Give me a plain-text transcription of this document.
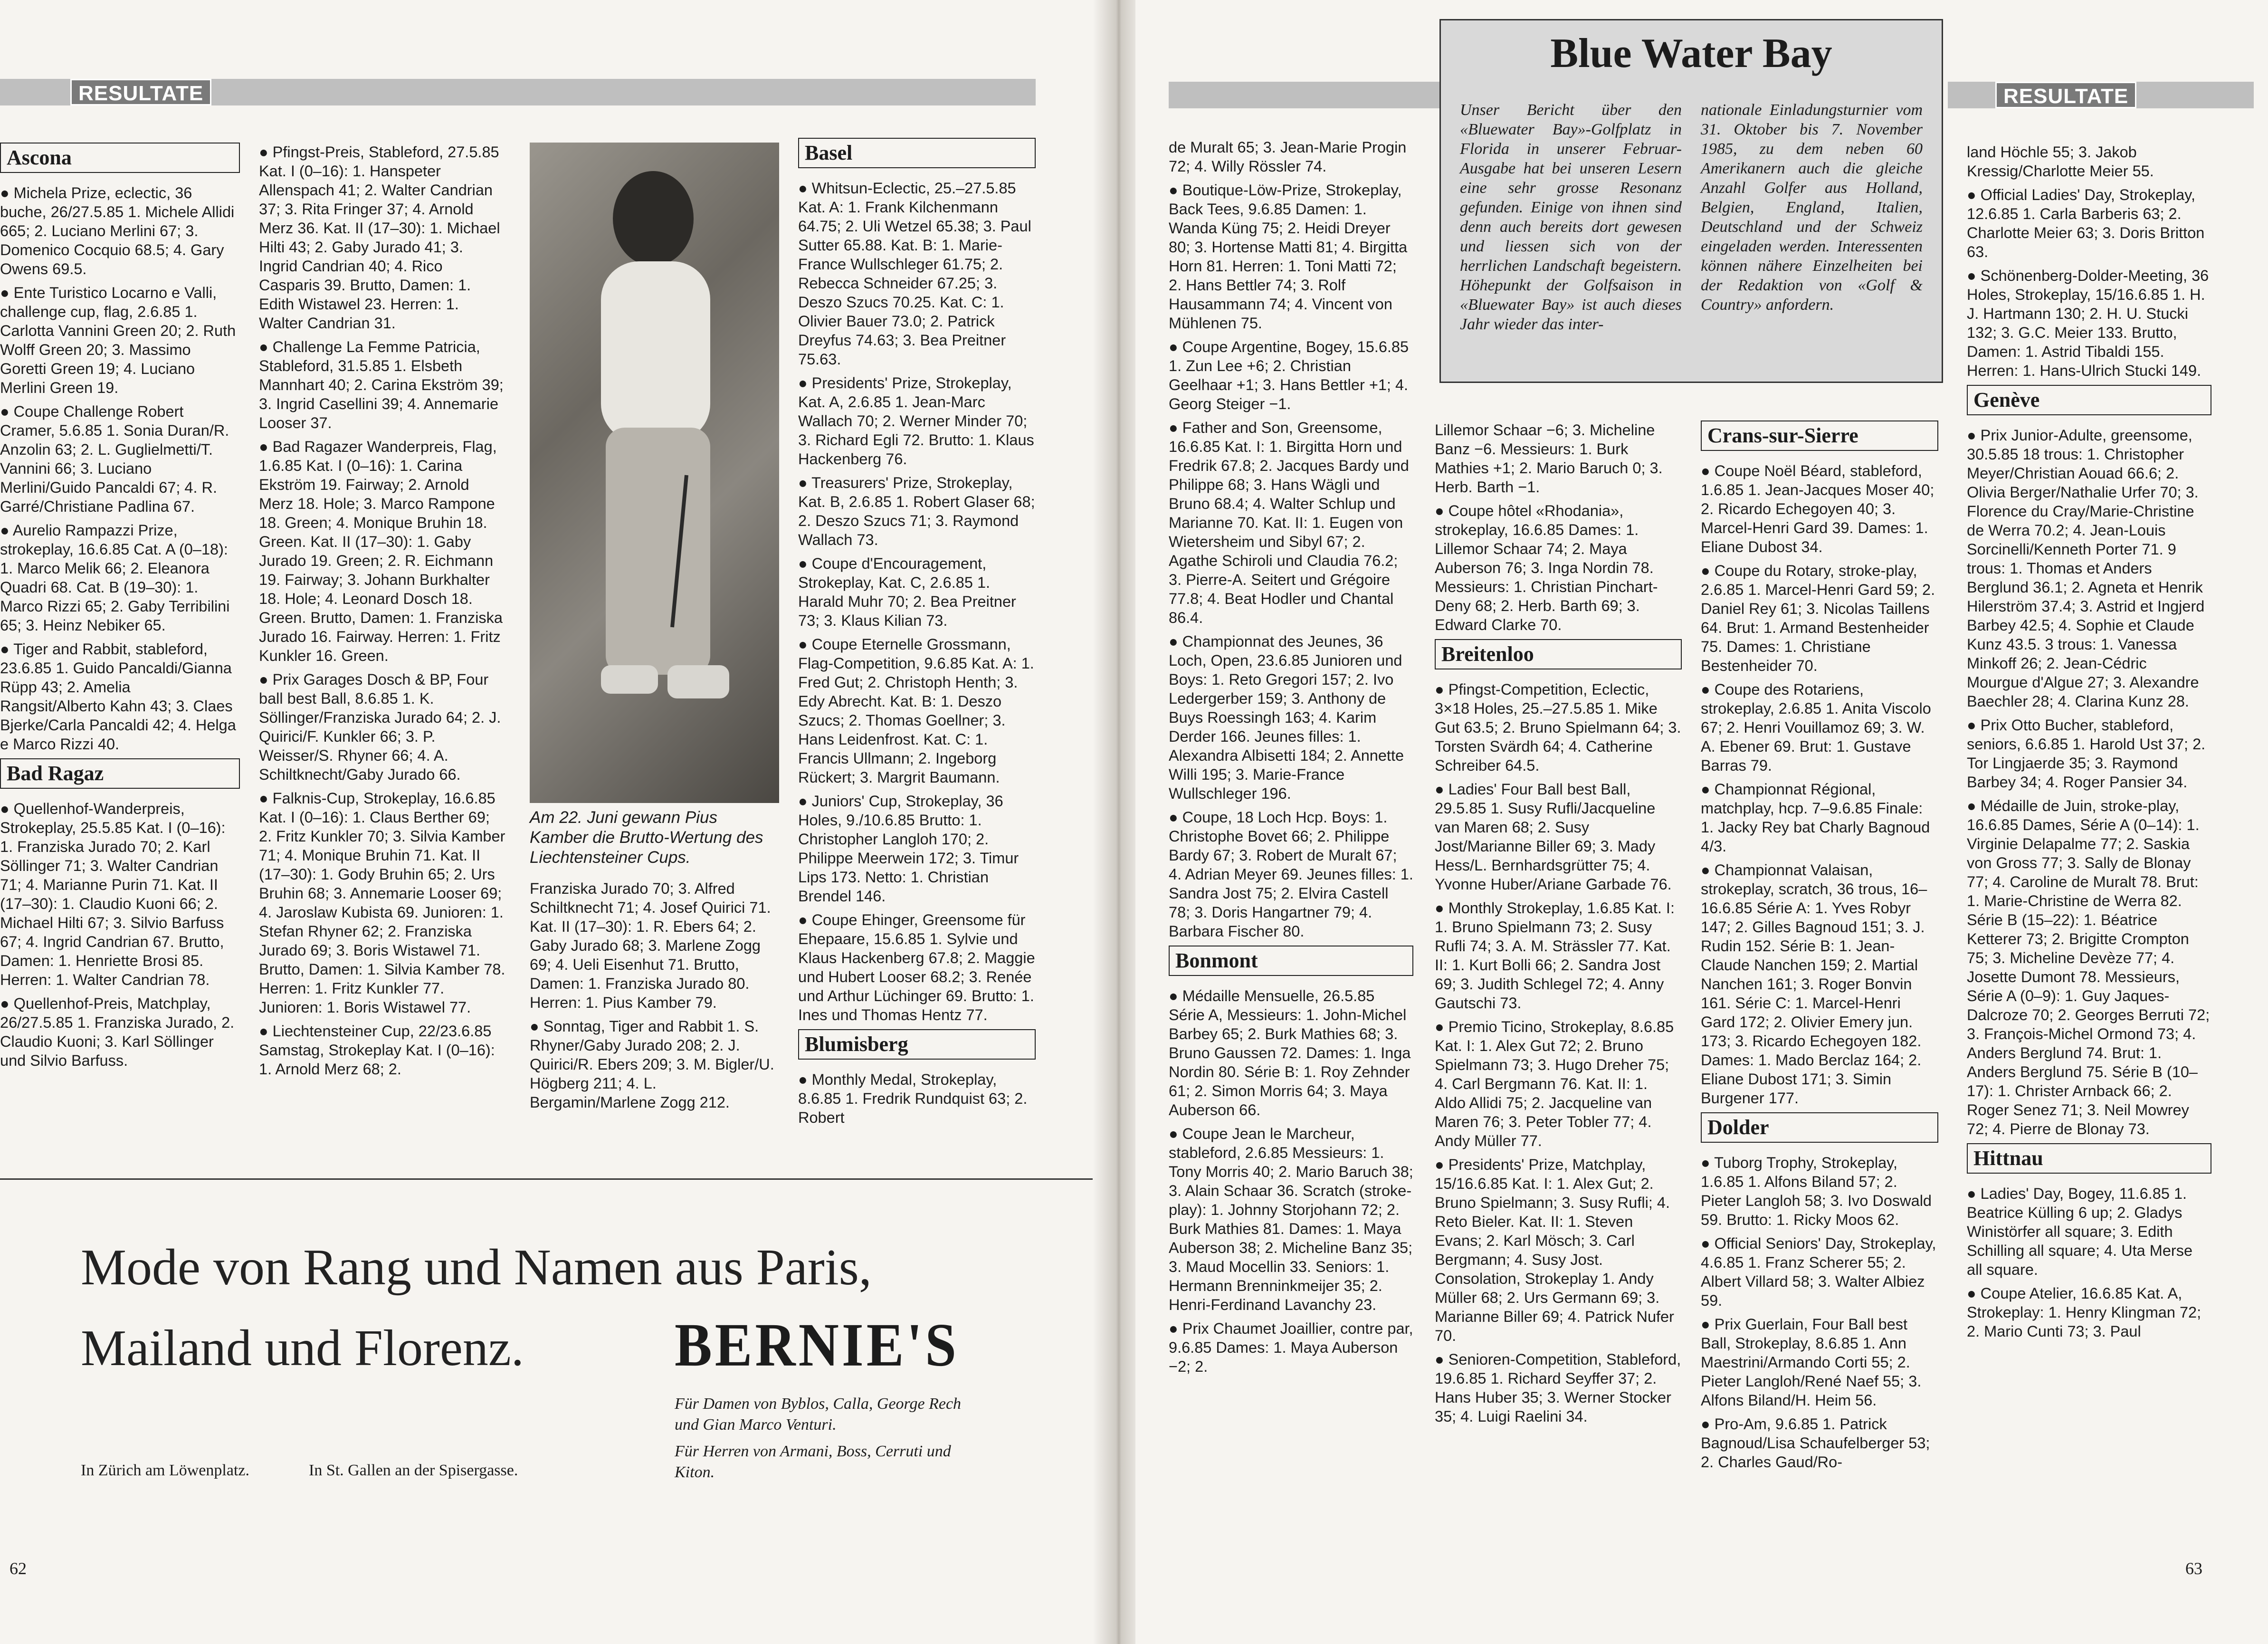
RESULTATE
Ascona

● Michela Prize, eclectic, 36 buche, 26/27.5.85 1. Michele Allidi 665; 2. Luciano Merlini 67; 3. Domenico Cocquio 68.5; 4. Gary Owens 69.5.

● Ente Turistico Locarno e Valli, challenge cup, flag, 2.6.85 1. Carlotta Vannini Green 20; 2. Ruth Wolff Green 20; 3. Massimo Goretti Green 19; 4. Luciano Merlini Green 19.

● Coupe Challenge Robert Cramer, 5.6.85 1. Sonia Duran/R. Anzolin 63; 2. L. Guglielmetti/T. Vannini 66; 3. Luciano Merlini/Guido Pancaldi 67; 4. R. Garré/Christiane Padlina 67.

● Aurelio Rampazzi Prize, strokeplay, 16.6.85 Cat. A (0–18): 1. Marco Melik 66; 2. Eleanora Quadri 68. Cat. B (19–30): 1. Marco Rizzi 65; 2. Gaby Terribilini 65; 3. Heinz Nebiker 65.

● Tiger and Rabbit, stableford, 23.6.85 1. Guido Pancaldi/Gianna Rüpp 43; 2. Amelia Rangsit/Alberto Kahn 43; 3. Claes Bjerke/Carla Pancaldi 42; 4. Helga e Marco Rizzi 40.

Bad Ragaz

● Quellenhof-Wanderpreis, Strokeplay, 25.5.85 Kat. I (0–16): 1. Franziska Jurado 70; 2. Karl Söllinger 71; 3. Walter Candrian 71; 4. Marianne Purin 71. Kat. II (17–30): 1. Claudio Kuoni 66; 2. Michael Hilti 67; 3. Silvio Barfuss 67; 4. Ingrid Candrian 67. Brutto, Damen: 1. Henriette Brosi 85. Herren: 1. Walter Candrian 78.

● Quellenhof-Preis, Matchplay, 26/27.5.85 1. Franziska Jurado, 2. Claudio Kuoni; 3. Karl Söllinger und Silvio Barfuss.

● Pfingst-Preis, Stableford, 27.5.85 Kat. I (0–16): 1. Hanspeter Allenspach 41; 2. Walter Candrian 37; 3. Rita Fringer 37; 4. Arnold Merz 36. Kat. II (17–30): 1. Michael Hilti 43; 2. Gaby Jurado 41; 3. Ingrid Candrian 40; 4. Rico Casparis 39. Brutto, Damen: 1. Edith Wistawel 23. Herren: 1. Walter Candrian 31.

● Challenge La Femme Patricia, Stableford, 31.5.85 1. Elsbeth Mannhart 40; 2. Carina Ekström 39; 3. Ingrid Casellini 39; 4. Annemarie Looser 37.

● Bad Ragazer Wanderpreis, Flag, 1.6.85 Kat. I (0–16): 1. Carina Ekström 19. Fairway; 2. Arnold Merz 18. Hole; 3. Marco Rampone 18. Green; 4. Monique Bruhin 18. Green. Kat. II (17–30): 1. Gaby Jurado 19. Green; 2. R. Eichmann 19. Fairway; 3. Johann Burkhalter 18. Hole; 4. Leonard Dosch 18. Green. Brutto, Damen: 1. Franziska Jurado 16. Fairway. Herren: 1. Fritz Kunkler 16. Green.

● Prix Garages Dosch & BP, Four ball best Ball, 8.6.85 1. K. Söllinger/Franziska Jurado 64; 2. J. Quirici/F. Kunkler 66; 3. P. Weisser/S. Rhyner 66; 4. A. Schiltknecht/Gaby Jurado 66.

● Falknis-Cup, Strokeplay, 16.6.85 Kat. I (0–16): 1. Claus Berther 69; 2. Fritz Kunkler 70; 3. Silvia Kamber 71; 4. Monique Bruhin 71. Kat. II (17–30): 1. Gody Bruhin 65; 2. Urs Bruhin 68; 3. Annemarie Looser 69; 4. Jaroslaw Kubista 69. Junioren: 1. Stefan Rhyner 62; 2. Franziska Jurado 69; 3. Boris Wistawel 71. Brutto, Damen: 1. Silvia Kamber 78. Herren: 1. Fritz Kunkler 77. Junioren: 1. Boris Wistawel 77.

● Liechtensteiner Cup, 22/23.6.85 Samstag, Strokeplay Kat. I (0–16): 1. Arnold Merz 68; 2.

Am 22. Juni gewann Pius Kamber die Brutto-Wertung des Liechtensteiner Cups.

Franziska Jurado 70; 3. Alfred Schiltknecht 71; 4. Josef Quirici 71. Kat. II (17–30): 1. R. Ebers 64; 2. Gaby Jurado 68; 3. Marlene Zogg 69; 4. Ueli Eisenhut 71. Brutto, Damen: 1. Franziska Jurado 80. Herren: 1. Pius Kamber 79.

● Sonntag, Tiger and Rabbit 1. S. Rhyner/Gaby Jurado 208; 2. J. Quirici/R. Ebers 209; 3. M. Bigler/U. Högberg 211; 4. L. Bergamin/Marlene Zogg 212.

Basel

● Whitsun-Eclectic, 25.–27.5.85 Kat. A: 1. Frank Kilchenmann 64.75; 2. Uli Wetzel 65.38; 3. Paul Sutter 65.88. Kat. B: 1. Marie-France Wullschleger 61.75; 2. Rebecca Schneider 67.25; 3. Deszo Szucs 70.25. Kat. C: 1. Olivier Bauer 73.0; 2. Patrick Dreyfus 74.63; 3. Bea Preitner 75.63.

● Presidents' Prize, Strokeplay, Kat. A, 2.6.85 1. Jean-Marc Wallach 70; 2. Werner Minder 70; 3. Richard Egli 72. Brutto: 1. Klaus Hackenberg 76.

● Treasurers' Prize, Strokeplay, Kat. B, 2.6.85 1. Robert Glaser 68; 2. Deszo Szucs 71; 3. Raymond Wallach 73.

● Coupe d'Encouragement, Strokeplay, Kat. C, 2.6.85 1. Harald Muhr 70; 2. Bea Preitner 73; 3. Klaus Kilian 73.

● Coupe Eternelle Grossmann, Flag-Competition, 9.6.85 Kat. A: 1. Fred Gut; 2. Christoph Henth; 3. Edy Abrecht. Kat. B: 1. Deszo Szucs; 2. Thomas Goellner; 3. Hans Leidenfrost. Kat. C: 1. Francis Ullmann; 2. Ingeborg Rückert; 3. Margrit Baumann.

● Juniors' Cup, Strokeplay, 36 Holes, 9./10.6.85 Brutto: 1. Christopher Langloh 170; 2. Philippe Meerwein 172; 3. Timur Lips 173. Netto: 1. Christian Brendel 146.

● Coupe Ehinger, Greensome für Ehepaare, 15.6.85 1. Sylvie und Klaus Hackenberg 67.8; 2. Maggie und Hubert Looser 68.2; 3. Renée und Arthur Lüchinger 69. Brutto: 1. Ines und Thomas Hentz 77.

Blumisberg

● Monthly Medal, Strokeplay, 8.6.85 1. Fredrik Rundquist 63; 2. Robert

Mode von Rang und Namen aus Paris,
Mailand und Florenz.	BERNIE'S
Für Damen von Byblos, Calla, George Rech und Gian Marco Venturi.
Für Herren von Armani, Boss, Cerruti und Kiton.
In Zürich am Löwenplatz.	In St. Gallen an der Spisergasse.
62
RESULTATE
Blue Water Bay
Unser Bericht über den «Bluewater Bay»-Golfplatz in Florida in unserer Februar-Ausgabe hat bei unseren Lesern eine sehr grosse Resonanz gefunden. Einige von ihnen sind denn auch bereits dort gewesen und liessen sich von der herrlichen Landschaft begeistern. Höhepunkt der Golfsaison in «Bluewater Bay» ist auch dieses Jahr wieder das inter-
nationale Einladungsturnier vom 31. Oktober bis 7. November 1985, zu dem neben 60 Amerikanern auch die gleiche Anzahl Golfer aus Holland, Belgien, England, Italien, Deutschland und der Schweiz eingeladen werden. Interessenten können nähere Einzelheiten bei der Redaktion von «Golf & Country» anfordern.

de Muralt 65; 3. Jean-Marie Progin 72; 4. Willy Rössler 74.

● Boutique-Löw-Prize, Strokeplay, Back Tees, 9.6.85 Damen: 1. Wanda Küng 75; 2. Heidi Dreyer 80; 3. Hortense Matti 81; 4. Birgitta Horn 81. Herren: 1. Toni Matti 72; 2. Hans Bettler 74; 3. Rolf Hausammann 74; 4. Vincent von Mühlenen 75.

● Coupe Argentine, Bogey, 15.6.85 1. Zun Lee +6; 2. Christian Geelhaar +1; 3. Hans Bettler +1; 4. Georg Steiger −1.

● Father and Son, Greensome, 16.6.85 Kat. I: 1. Birgitta Horn und Fredrik 67.8; 2. Jacques Bardy und Philippe 68; 3. Hans Wägli und Bruno 68.4; 4. Walter Schlup und Marianne 70. Kat. II: 1. Eugen von Wietersheim und Sibyl 67; 2. Agathe Schiroli und Claudia 76.2; 3. Pierre-A. Seitert und Grégoire 77.8; 4. Beat Hodler und Chantal 86.4.

● Championnat des Jeunes, 36 Loch, Open, 23.6.85 Junioren und Boys: 1. Reto Gregori 157; 2. Ivo Ledergerber 159; 3. Anthony de Buys Roessingh 163; 4. Karim Derder 166. Jeunes filles: 1. Alexandra Albisetti 184; 2. Annette Willi 195; 3. Marie-France Wullschleger 196.

● Coupe, 18 Loch Hcp. Boys: 1. Christophe Bovet 66; 2. Philippe Bardy 67; 3. Robert de Muralt 67; 4. Adrian Meyer 69. Jeunes filles: 1. Sandra Jost 75; 2. Elvira Castell 78; 3. Doris Hangartner 79; 4. Barbara Fischer 80.

Bonmont

● Médaille Mensuelle, 26.5.85 Série A, Messieurs: 1. John-Michel Barbey 65; 2. Burk Mathies 68; 3. Bruno Gaussen 72. Dames: 1. Inga Nordin 80. Série B: 1. Roy Zehnder 61; 2. Simon Morris 64; 3. Maya Auberson 66.

● Coupe Jean le Marcheur, stableford, 2.6.85 Messieurs: 1. Tony Morris 40; 2. Mario Baruch 38; 3. Alain Schaar 36. Scratch (stroke-play): 1. Johnny Storjohann 72; 2. Burk Mathies 81. Dames: 1. Maya Auberson 38; 2. Micheline Banz 35; 3. Maud Mocellin 33. Seniors: 1. Hermann Brenninkmeijer 35; 2. Henri-Ferdinand Lavanchy 23.

● Prix Chaumet Joaillier, contre par, 9.6.85 Dames: 1. Maya Auberson −2; 2.

Lillemor Schaar −6; 3. Micheline Banz −6. Messieurs: 1. Burk Mathies +1; 2. Mario Baruch 0; 3. Herb. Barth −1.

● Coupe hôtel «Rhodania», strokeplay, 16.6.85 Dames: 1. Lillemor Schaar 74; 2. Maya Auberson 76; 3. Inga Nordin 78. Messieurs: 1. Christian Pinchart-Deny 68; 2. Herb. Barth 69; 3. Edward Clarke 70.

Breitenloo

● Pfingst-Competition, Eclectic, 3×18 Holes, 25.–27.5.85 1. Mike Gut 63.5; 2. Bruno Spielmann 64; 3. Torsten Svärdh 64; 4. Catherine Schreiber 64.5.

● Ladies' Four Ball best Ball, 29.5.85 1. Susy Rufli/Jacqueline van Maren 68; 2. Susy Jost/Marianne Biller 69; 3. Mady Hess/L. Bernhardsgrütter 75; 4. Yvonne Huber/Ariane Garbade 76.

● Monthly Strokeplay, 1.6.85 Kat. I: 1. Bruno Spielmann 73; 2. Susy Rufli 74; 3. A. M. Strässler 77. Kat. II: 1. Kurt Bolli 66; 2. Sandra Jost 69; 3. Judith Schlegel 72; 4. Anny Gautschi 73.

● Premio Ticino, Strokeplay, 8.6.85 Kat. I: 1. Alex Gut 72; 2. Bruno Spielmann 73; 3. Hugo Dreher 75; 4. Carl Bergmann 76. Kat. II: 1. Aldo Allidi 75; 2. Jacqueline van Maren 76; 3. Peter Tobler 77; 4. Andy Müller 77.

● Presidents' Prize, Matchplay, 15/16.6.85 Kat. I: 1. Alex Gut; 2. Bruno Spielmann; 3. Susy Rufli; 4. Reto Bieler. Kat. II: 1. Steven Evans; 2. Karl Mösch; 3. Carl Bergmann; 4. Susy Jost. Consolation, Strokeplay 1. Andy Müller 68; 2. Urs Germann 69; 3. Marianne Biller 69; 4. Patrick Nufer 70.

● Senioren-Competition, Stableford, 19.6.85 1. Richard Seyffer 37; 2. Hans Huber 35; 3. Werner Stocker 35; 4. Luigi Raelini 34.

Crans-sur-Sierre

● Coupe Noël Béard, stableford, 1.6.85 1. Jean-Jacques Moser 40; 2. Ricardo Echegoyen 40; 3. Marcel-Henri Gard 39. Dames: 1. Eliane Dubost 34.

● Coupe du Rotary, stroke-play, 2.6.85 1. Marcel-Henri Gard 59; 2. Daniel Rey 61; 3. Nicolas Taillens 64. Brut: 1. Armand Bestenheider 75. Dames: 1. Christiane Bestenheider 70.

● Coupe des Rotariens, strokeplay, 2.6.85 1. Anita Viscolo 67; 2. Henri Vouillamoz 69; 3. W. A. Ebener 69. Brut: 1. Gustave Barras 79.

● Championnat Régional, matchplay, hcp. 7–9.6.85 Finale: 1. Jacky Rey bat Charly Bagnoud 4/3.

● Championnat Valaisan, strokeplay, scratch, 36 trous, 16–16.6.85 Série A: 1. Yves Robyr 147; 2. Gilles Bagnoud 151; 3. J. Rudin 152. Série B: 1. Jean-Claude Nanchen 159; 2. Martial Nanchen 161; 3. Roger Bonvin 161. Série C: 1. Marcel-Henri Gard 172; 2. Olivier Emery jun. 173; 3. Ricardo Echegoyen 182. Dames: 1. Mado Berclaz 164; 2. Eliane Dubost 171; 3. Simin Burgener 177.

Dolder

● Tuborg Trophy, Strokeplay, 1.6.85 1. Alfons Biland 57; 2. Pieter Langloh 58; 3. Ivo Doswald 59. Brutto: 1. Ricky Moos 62.

● Official Seniors' Day, Strokeplay, 4.6.85 1. Franz Scherer 55; 2. Albert Villard 58; 3. Walter Albiez 59.

● Prix Guerlain, Four Ball best Ball, Strokeplay, 8.6.85 1. Ann Maestrini/Armando Corti 55; 2. Pieter Langloh/René Naef 55; 3. Alfons Biland/H. Heim 56.

● Pro-Am, 9.6.85 1. Patrick Bagnoud/Lisa Schaufelberger 53; 2. Charles Gaud/Ro-

land Höchle 55; 3. Jakob Kressig/Charlotte Meier 55.

● Official Ladies' Day, Strokeplay, 12.6.85 1. Carla Barberis 63; 2. Charlotte Meier 63; 3. Doris Britton 63.

● Schönenberg-Dolder-Meeting, 36 Holes, Strokeplay, 15/16.6.85 1. H. J. Hartmann 130; 2. H. U. Stucki 132; 3. G.C. Meier 133. Brutto, Damen: 1. Astrid Tibaldi 155. Herren: 1. Hans-Ulrich Stucki 149.

Genève

● Prix Junior-Adulte, greensome, 30.5.85 18 trous: 1. Christopher Meyer/Christian Aouad 66.6; 2. Olivia Berger/Nathalie Urfer 70; 3. Florence du Cray/Marie-Christine de Werra 70.2; 4. Jean-Louis Sorcinelli/Kenneth Porter 71. 9 trous: 1. Thomas et Anders Berglund 36.1; 2. Agneta et Henrik Hilerström 37.4; 3. Astrid et Ingjerd Barbey 42.5; 4. Sophie et Claude Kunz 43.5. 3 trous: 1. Vanessa Minkoff 26; 2. Jean-Cédric Mourgue d'Algue 27; 3. Alexandre Baechler 28; 4. Clarina Kunz 28.

● Prix Otto Bucher, stableford, seniors, 6.6.85 1. Harold Ust 37; 2. Tor Lingjaerde 35; 3. Raymond Barbey 34; 4. Roger Pansier 34.

● Médaille de Juin, stroke-play, 16.6.85 Dames, Série A (0–14): 1. Virginie Delapalme 77; 2. Saskia von Gross 77; 3. Sally de Blonay 77; 4. Caroline de Muralt 78. Brut: 1. Marie-Christine de Werra 82. Série B (15–22): 1. Béatrice Ketterer 73; 2. Brigitte Crompton 75; 3. Micheline Devèze 77; 4. Josette Dumont 78. Messieurs, Série A (0–9): 1. Guy Jaques-Dalcroze 70; 2. Georges Berruti 72; 3. François-Michel Ormond 73; 4. Anders Berglund 74. Brut: 1. Anders Berglund 75. Série B (10–17): 1. Christer Arnback 66; 2. Roger Senez 71; 3. Neil Mowrey 72; 4. Pierre de Blonay 73.

Hittnau

● Ladies' Day, Bogey, 11.6.85 1. Beatrice Külling 6 up; 2. Gladys Winistörfer all square; 3. Edith Schilling all square; 4. Uta Merse all square.

● Coupe Atelier, 16.6.85 Kat. A, Strokeplay: 1. Henry Klingman 72; 2. Mario Cunti 73; 3. Paul

63
